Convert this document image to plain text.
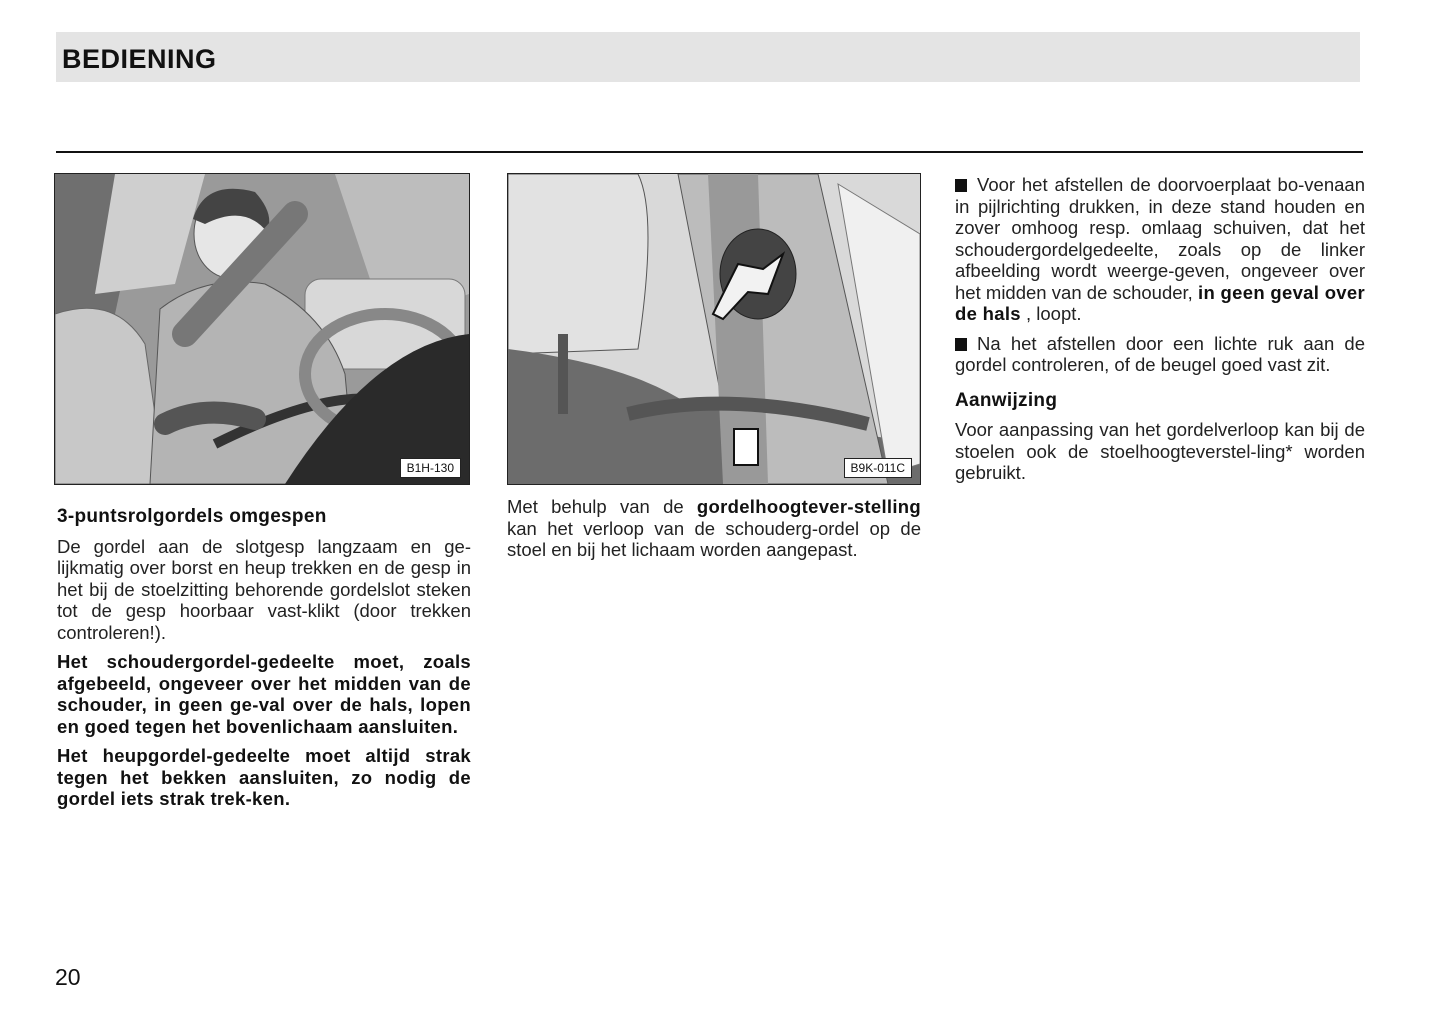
BEDIENING
B1H-130	B9K-011C
3-puntsrolgordels omgespen

De gordel aan de slotgesp langzaam en ge-lijkmatig over borst en heup trekken en de gesp in het bij de stoelzitting behorende gordelslot steken tot de gesp hoorbaar vast-klikt (door trekken controleren!).

Het schoudergordel-gedeelte moet, zoals afgebeeld, ongeveer over het midden van de schouder, in geen ge-val over de hals, lopen en goed tegen het bovenlichaam aansluiten.

Het heupgordel-gedeelte moet altijd strak tegen het bekken aansluiten, zo nodig de gordel iets strak trek-ken.

Met behulp van de gordelhoogtever-stelling kan het verloop van de schouderg-ordel op de stoel en bij het lichaam worden aangepast.

Voor het afstellen de doorvoerplaat bo-venaan in pijlrichting drukken, in deze stand houden en zover omhoog resp. omlaag schuiven, dat het schoudergordelgedeelte, zoals op de linker afbeelding wordt weerge-geven, ongeveer over het midden van de schouder, in geen geval over de hals , loopt.

Na het afstellen door een lichte ruk aan de gordel controleren, of de beugel goed vast zit.

Aanwijzing

Voor aanpassing van het gordelverloop kan bij de stoelen ook de stoelhoogteverstel-ling* worden gebruikt.

20
